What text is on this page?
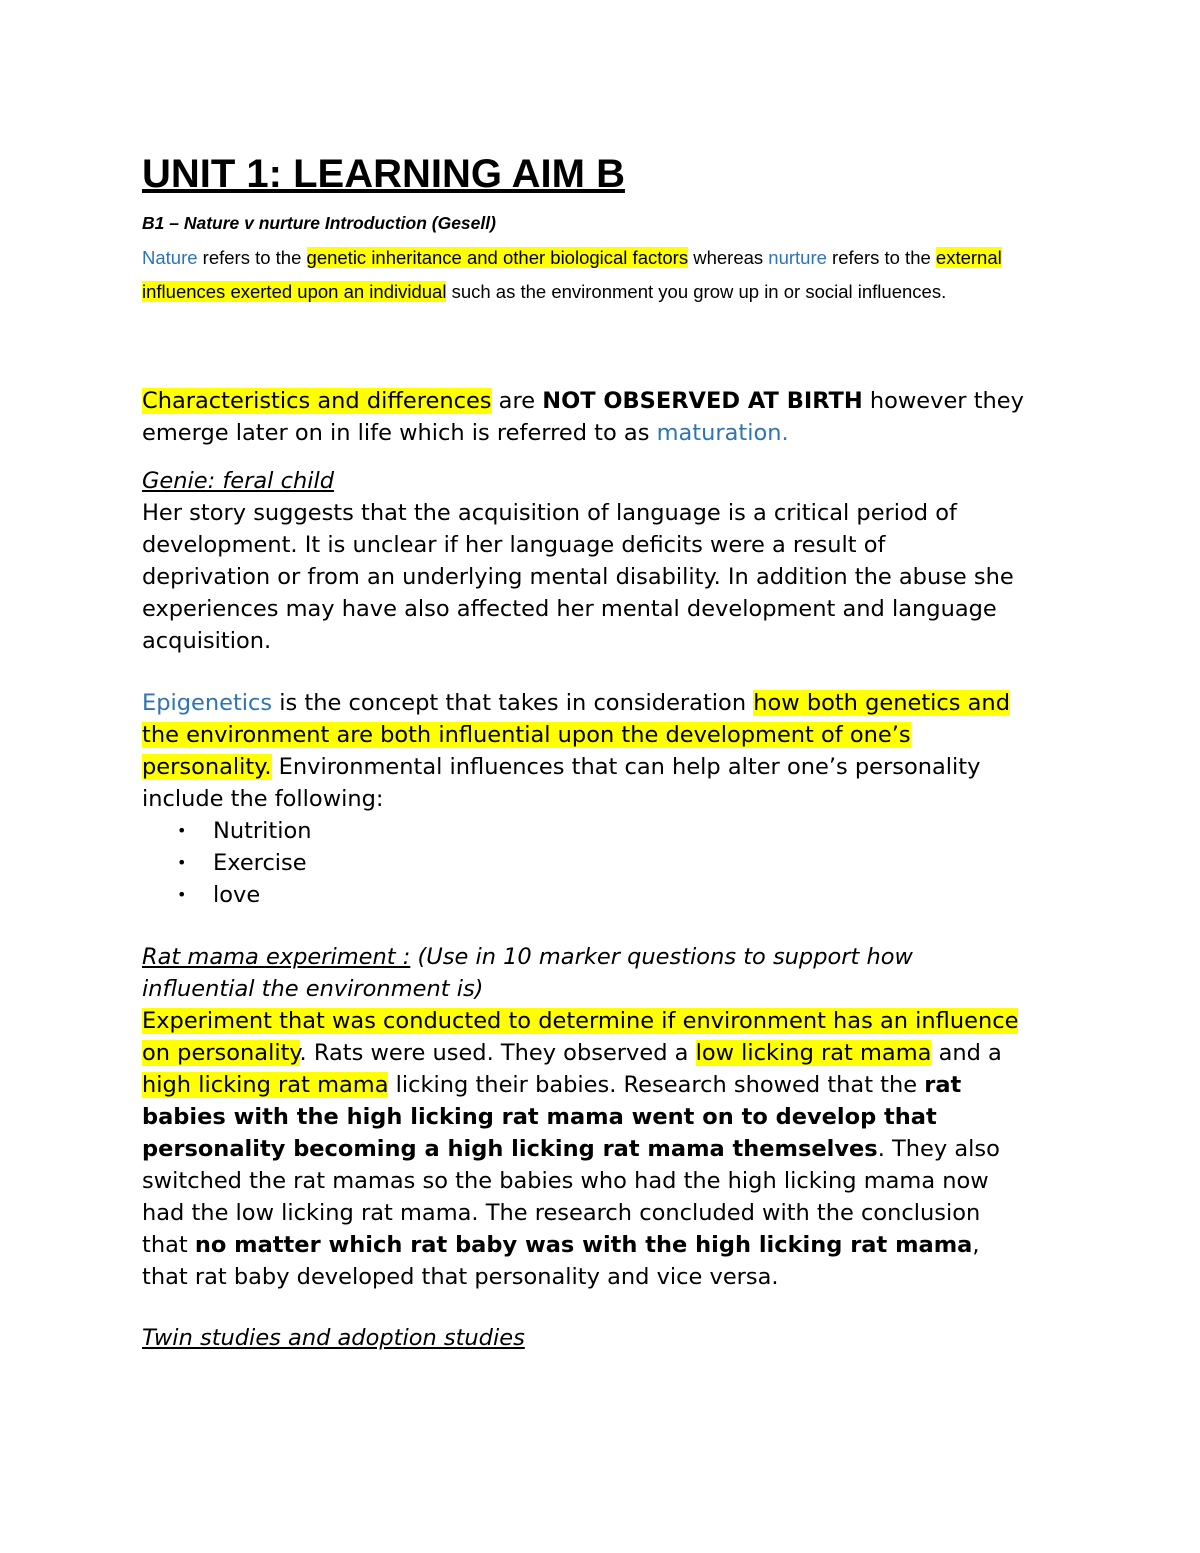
UNIT 1: LEARNING AIM B
B1 – Nature v nurture Introduction (Gesell)
Nature refers to the genetic inheritance and other biological factors whereas nurture refers to the external influences exerted upon an individual such as the environment you grow up in or social influences.
Characteristics and differences are NOT OBSERVED AT BIRTH however they emerge later on in life which is referred to as maturation.
Genie: feral child
Her story suggests that the acquisition of language is a critical period of
development. It is unclear if her language deficits were a result of
deprivation or from an underlying mental disability. In addition the abuse she
experiences may have also affected her mental development and language
acquisition.
Epigenetics is the concept that takes in consideration how both genetics and
the environment are both influential upon the development of one’s
personality. Environmental influences that can help alter one’s personality
include the following:
• Nutrition
• Exercise
• love
Rat mama experiment : (Use in 10 marker questions to support how
influential the environment is)
Experiment that was conducted to determine if environment has an influence
on personality. Rats were used. They observed a low licking rat mama and a
high licking rat mama licking their babies. Research showed that the rat
babies with the high licking rat mama went on to develop that
personality becoming a high licking rat mama themselves. They also
switched the rat mamas so the babies who had the high licking mama now
had the low licking rat mama. The research concluded with the conclusion
that no matter which rat baby was with the high licking rat mama,
that rat baby developed that personality and vice versa.
Twin studies and adoption studies
